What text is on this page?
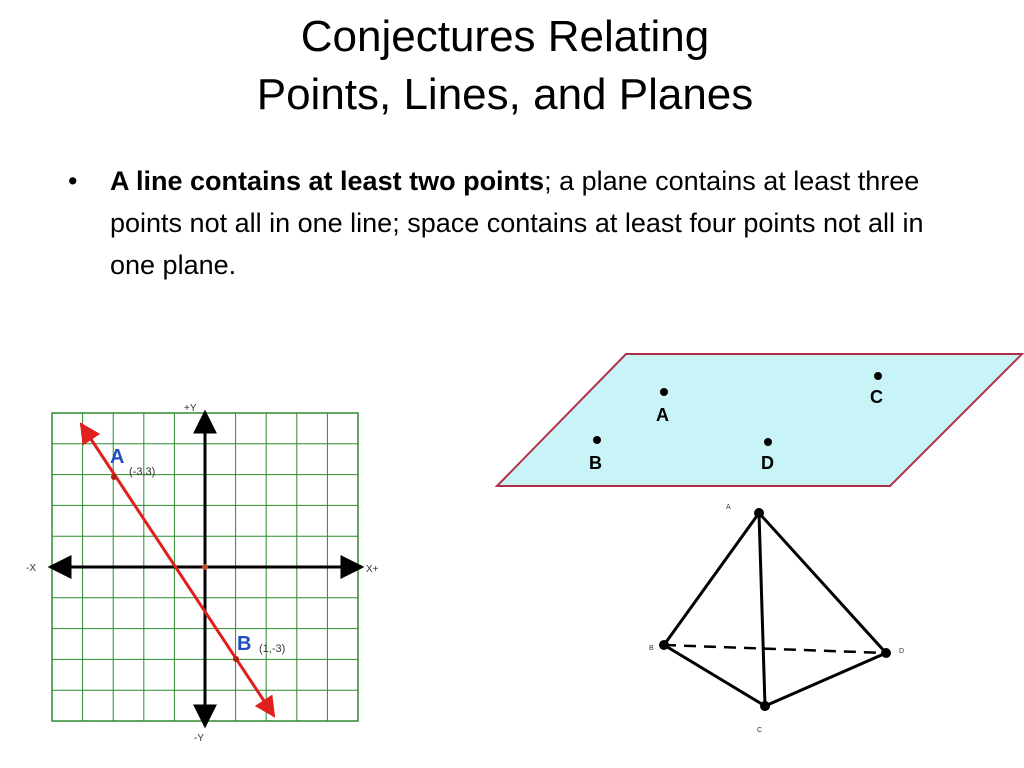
Conjectures Relating
Points, Lines, and Planes
•	A line contains at least two points; a plane contains at least three points not all in one line; space contains at least four points not all in one plane.
+Y
-Y
X+
-X
A
(-3,3)
B (1,-3)
A
C
B	D
A
B
C
D
